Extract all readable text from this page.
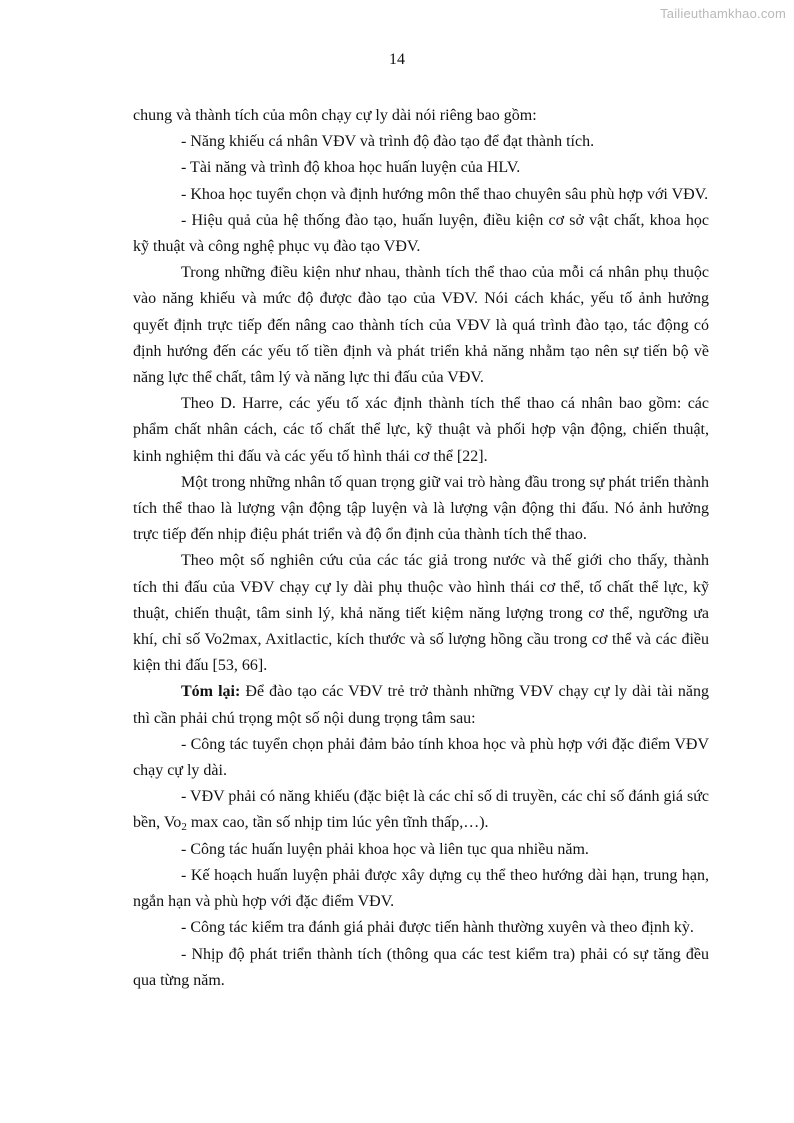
Tailieuthamkhao.com
14

chung và thành tích của môn chạy cự ly dài nói riêng bao gồm:

- Năng khiếu cá nhân VĐV và trình độ đào tạo để đạt thành tích.

- Tài năng và trình độ khoa học huấn luyện của HLV.

- Khoa học tuyển chọn và định hướng môn thể thao chuyên sâu phù hợp với VĐV.

- Hiệu quả của hệ thống đào tạo, huấn luyện, điều kiện cơ sở vật chất, khoa học kỹ thuật và công nghệ phục vụ đào tạo VĐV.

Trong những điều kiện như nhau, thành tích thể thao của mỗi cá nhân phụ thuộc vào năng khiếu và mức độ được đào tạo của VĐV. Nói cách khác, yếu tố ảnh hưởng quyết định trực tiếp đến nâng cao thành tích của VĐV là quá trình đào tạo, tác động có định hướng đến các yếu tố tiền định và phát triển khả năng nhằm tạo nên sự tiến bộ về năng lực thể chất, tâm lý và năng lực thi đấu của VĐV.

Theo D. Harre, các yếu tố xác định thành tích thể thao cá nhân bao gồm: các phẩm chất nhân cách, các tố chất thể lực, kỹ thuật và phối hợp vận động, chiến thuật, kinh nghiệm thi đấu và các yếu tố hình thái cơ thể [22].

Một trong những nhân tố quan trọng giữ vai trò hàng đầu trong sự phát triển thành tích thể thao là lượng vận động tập luyện và là lượng vận động thi đấu. Nó ảnh hưởng trực tiếp đến nhịp điệu phát triển và độ ổn định của thành tích thể thao.

Theo một số nghiên cứu của các tác giả trong nước và thế giới cho thấy, thành tích thi đấu của VĐV chạy cự ly dài phụ thuộc vào hình thái cơ thể, tố chất thể lực, kỹ thuật, chiến thuật, tâm sinh lý, khả năng tiết kiệm năng lượng trong cơ thể, ngưỡng ưa khí, chỉ số Vo2max, Axitlactic, kích thước và số lượng hồng cầu trong cơ thể và các điều kiện thi đấu [53, 66].

Tóm lại: Để đào tạo các VĐV trẻ trở thành những VĐV chạy cự ly dài tài năng thì cần phải chú trọng một số nội dung trọng tâm sau:

- Công tác tuyển chọn phải đảm bảo tính khoa học và phù hợp với đặc điểm VĐV chạy cự ly dài.

- VĐV phải có năng khiếu (đặc biệt là các chỉ số di truyền, các chỉ số đánh giá sức bền, $Vo_2$ max cao, tần số nhịp tim lúc yên tĩnh thấp,…).

- Công tác huấn luyện phải khoa học và liên tục qua nhiều năm.

- Kế hoạch huấn luyện phải được xây dựng cụ thể theo hướng dài hạn, trung hạn, ngắn hạn và phù hợp với đặc điểm VĐV.

- Công tác kiểm tra đánh giá phải được tiến hành thường xuyên và theo định kỳ.

- Nhịp độ phát triển thành tích (thông qua các test kiểm tra) phải có sự tăng đều qua từng năm.
